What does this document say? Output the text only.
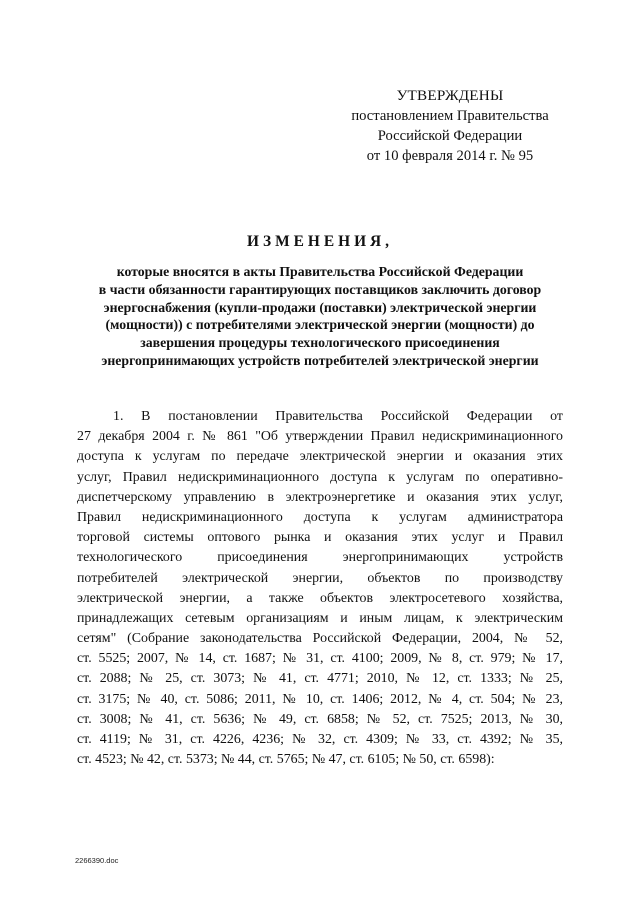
УТВЕРЖДЕНЫ
постановлением Правительства
Российской Федерации
от 10 февраля 2014 г. № 95
ИЗМЕНЕНИЯ,
которые вносятся в акты Правительства Российской Федерации
в части обязанности гарантирующих поставщиков заключить договор
энергоснабжения (купли-продажи (поставки) электрической энергии
(мощности)) с потребителями электрической энергии (мощности) до
завершения процедуры технологического присоединения
энергопринимающих устройств потребителей электрической энергии
1. В постановлении Правительства Российской Федерации от
27 декабря 2004 г. № 861 "Об утверждении Правил недискриминационного
доступа к услугам по передаче электрической энергии и оказания этих
услуг, Правил недискриминационного доступа к услугам по оперативно-
диспетчерскому управлению в электроэнергетике и оказания этих услуг,
Правил недискриминационного доступа к услугам администратора
торговой системы оптового рынка и оказания этих услуг и Правил
технологического присоединения энергопринимающих устройств
потребителей электрической энергии, объектов по производству
электрической энергии, а также объектов электросетевого хозяйства,
принадлежащих сетевым организациям и иным лицам, к электрическим
сетям" (Собрание законодательства Российской Федерации, 2004, № 52,
ст. 5525; 2007, № 14, ст. 1687; № 31, ст. 4100; 2009, № 8, ст. 979; № 17,
ст. 2088; № 25, ст. 3073; № 41, ст. 4771; 2010, № 12, ст. 1333; № 25,
ст. 3175; № 40, ст. 5086; 2011, № 10, ст. 1406; 2012, № 4, ст. 504; № 23,
ст. 3008; № 41, ст. 5636; № 49, ст. 6858; № 52, ст. 7525; 2013, № 30,
ст. 4119; № 31, ст. 4226, 4236; № 32, ст. 4309; № 33, ст. 4392; № 35,
ст. 4523; № 42, ст. 5373; № 44, ст. 5765; № 47, ст. 6105; № 50, ст. 6598):
2266390.doc
